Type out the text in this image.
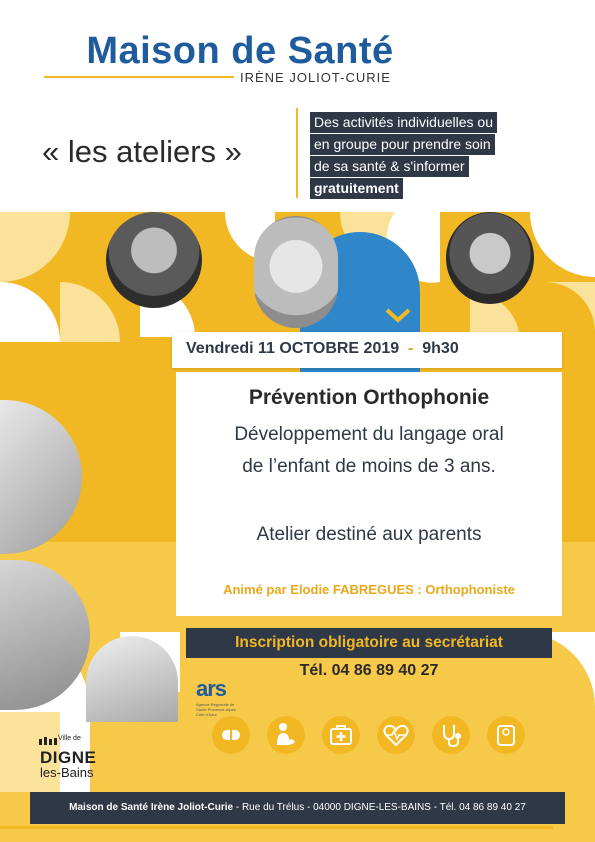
Maison de Santé
IRÈNE JOLIOT-CURIE
« les ateliers »
Des activités individuelles ou
en groupe pour prendre soin
de sa santé & s'informer
gratuitement
Vendredi 11 OCTOBRE 2019 - 9h30
Prévention Orthophonie
Développement du langage oral
de l’enfant de moins de 3 ans.
Atelier destiné aux parents
Animé par Elodie FABREGUES : Orthophoniste
Inscription obligatoire au secrétariat
Tél. 04 86 89 40 27
ars
Agence Régionale de Santé Provence-Alpes Côte d'Azur
Ville de
DIGNE
les-Bains
Maison de Santé Irène Joliot-Curie - Rue du Trélus - 04000 DIGNE-LES-BAINS - Tél. 04 86 89 40 27
